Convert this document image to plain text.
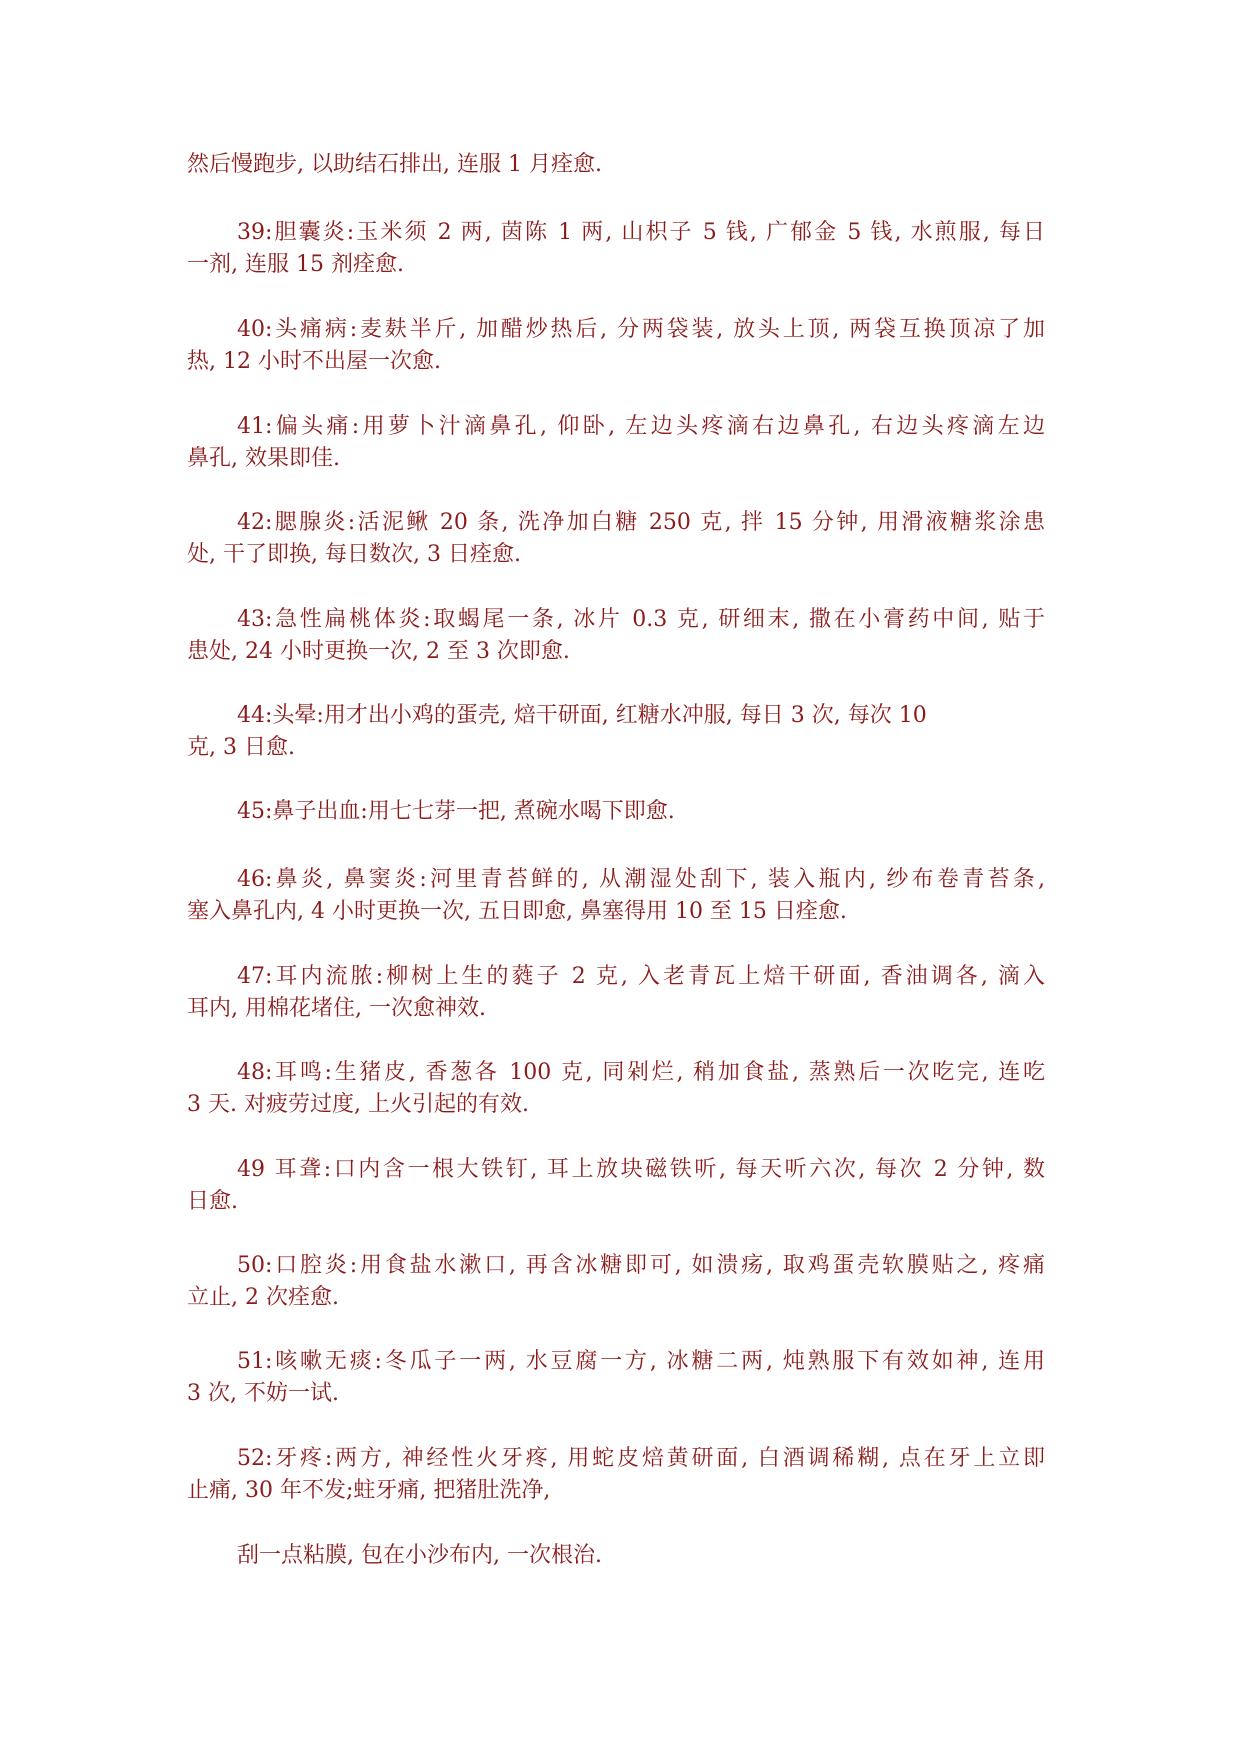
然后慢跑步, 以助结石排出, 连服 1 月痊愈.
39:胆囊炎:玉米须 2 两, 茵陈 1 两, 山枳子 5 钱, 广郁金 5 钱, 水煎服, 每日
一剂, 连服 15 剂痊愈.
40:头痛病:麦麸半斤, 加醋炒热后, 分两袋装, 放头上顶, 两袋互换顶凉了加
热, 12 小时不出屋一次愈.
41:偏头痛:用萝卜汁滴鼻孔, 仰卧, 左边头疼滴右边鼻孔, 右边头疼滴左边
鼻孔, 效果即佳.
42:腮腺炎:活泥鳅 20 条, 洗净加白糖 250 克, 拌 15 分钟, 用滑液糖浆涂患
处, 干了即换, 每日数次, 3 日痊愈.
43:急性扁桃体炎:取蝎尾一条, 冰片 0.3 克, 研细末, 撒在小膏药中间, 贴于
患处, 24 小时更换一次, 2 至 3 次即愈.
44:头晕:用才出小鸡的蛋壳, 焙干研面, 红糖水冲服, 每日 3 次, 每次 10
克, 3 日愈.
45:鼻子出血:用七七芽一把, 煮碗水喝下即愈.
46:鼻炎, 鼻窦炎:河里青苔鲜的, 从潮湿处刮下, 装入瓶内, 纱布卷青苔条,
塞入鼻孔内, 4 小时更换一次, 五日即愈, 鼻塞得用 10 至 15 日痊愈.
47:耳内流脓:柳树上生的蕤子 2 克, 入老青瓦上焙干研面, 香油调各, 滴入
耳内, 用棉花堵住, 一次愈神效.
48:耳鸣:生猪皮, 香葱各 100 克, 同剁烂, 稍加食盐, 蒸熟后一次吃完, 连吃
3 天. 对疲劳过度, 上火引起的有效.
49 耳聋:口内含一根大铁钉, 耳上放块磁铁听, 每天听六次, 每次 2 分钟, 数
日愈.
50:口腔炎:用食盐水漱口, 再含冰糖即可, 如溃疡, 取鸡蛋壳软膜贴之, 疼痛
立止, 2 次痊愈.
51:咳嗽无痰:冬瓜子一两, 水豆腐一方, 冰糖二两, 炖熟服下有效如神, 连用
3 次, 不妨一试.
52:牙疼:两方, 神经性火牙疼, 用蛇皮焙黄研面, 白酒调稀糊, 点在牙上立即
止痛, 30 年不发;蛀牙痛, 把猪肚洗净,
刮一点粘膜, 包在小沙布内, 一次根治.
